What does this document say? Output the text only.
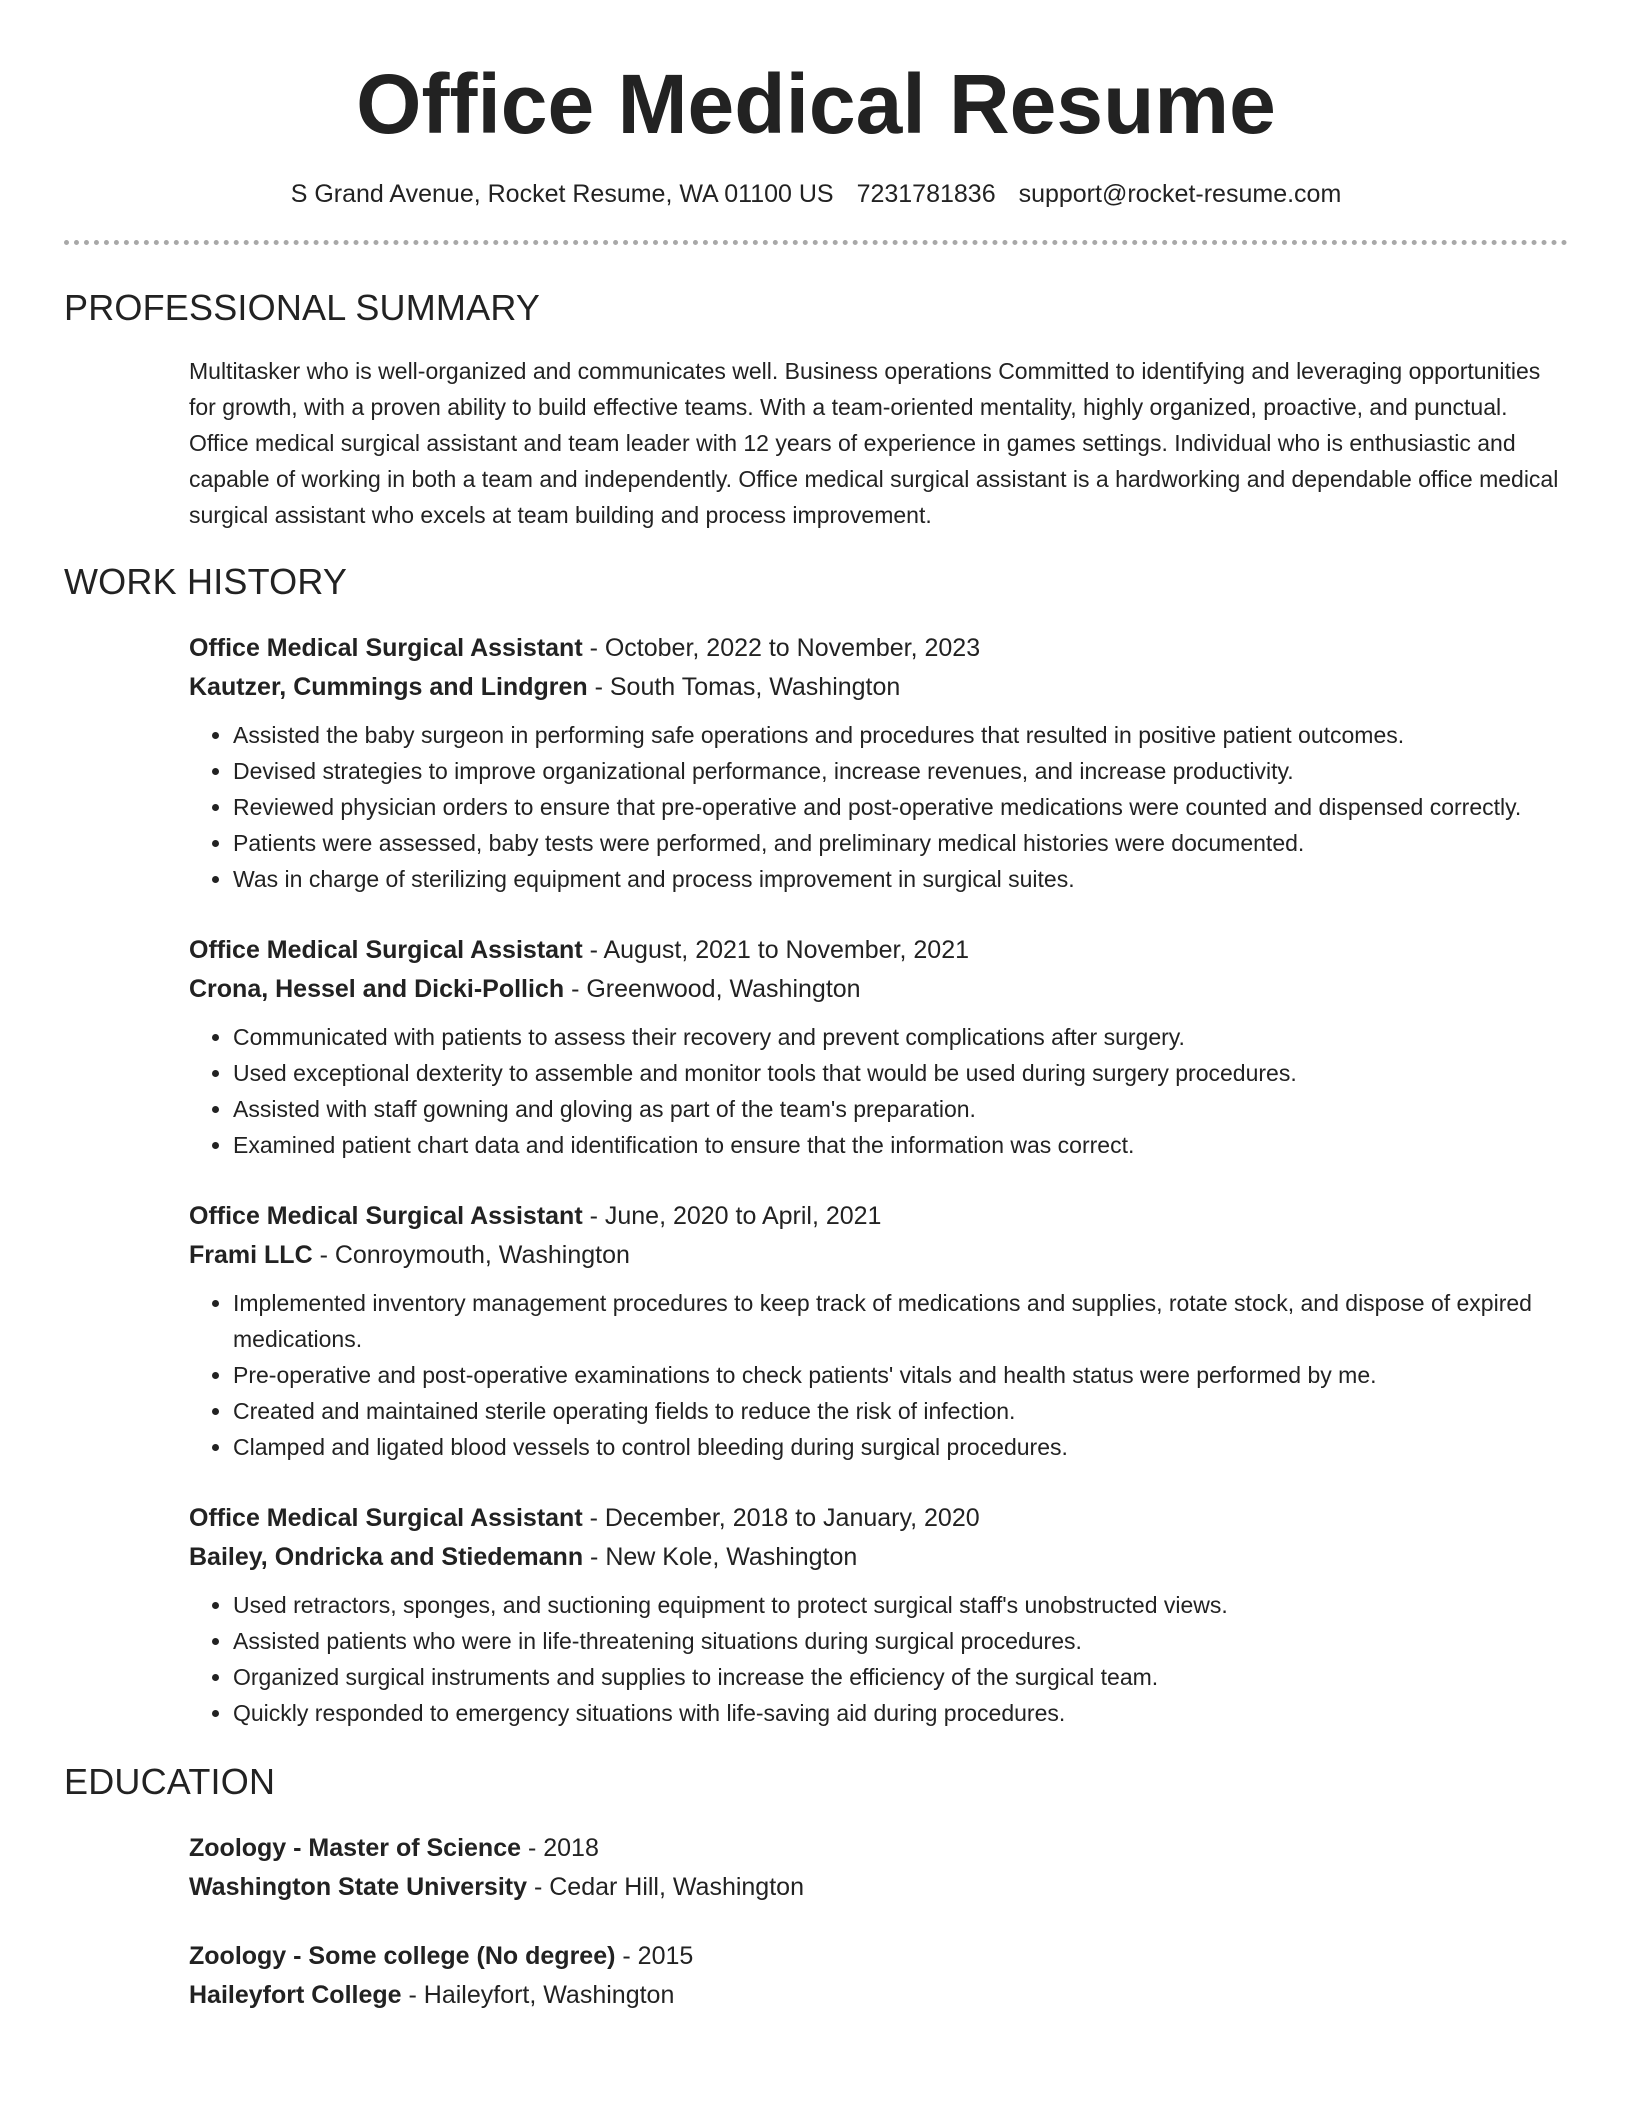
Office Medical Resume
S Grand Avenue, Rocket Resume, WA 01100 US 7231781836 support@rocket-resume.com
PROFESSIONAL SUMMARY
Multitasker who is well-organized and communicates well. Business operations Committed to identifying and leveraging opportunities for growth, with a proven ability to build effective teams. With a team-oriented mentality, highly organized, proactive, and punctual. Office medical surgical assistant and team leader with 12 years of experience in games settings. Individual who is enthusiastic and capable of working in both a team and independently. Office medical surgical assistant is a hardworking and dependable office medical surgical assistant who excels at team building and process improvement.
WORK HISTORY
Office Medical Surgical Assistant - October, 2022 to November, 2023
Kautzer, Cummings and Lindgren - South Tomas, Washington
• Assisted the baby surgeon in performing safe operations and procedures that resulted in positive patient outcomes.
• Devised strategies to improve organizational performance, increase revenues, and increase productivity.
• Reviewed physician orders to ensure that pre-operative and post-operative medications were counted and dispensed correctly.
• Patients were assessed, baby tests were performed, and preliminary medical histories were documented.
• Was in charge of sterilizing equipment and process improvement in surgical suites.
Office Medical Surgical Assistant - August, 2021 to November, 2021
Crona, Hessel and Dicki-Pollich - Greenwood, Washington
• Communicated with patients to assess their recovery and prevent complications after surgery.
• Used exceptional dexterity to assemble and monitor tools that would be used during surgery procedures.
• Assisted with staff gowning and gloving as part of the team's preparation.
• Examined patient chart data and identification to ensure that the information was correct.
Office Medical Surgical Assistant - June, 2020 to April, 2021
Frami LLC - Conroymouth, Washington
• Implemented inventory management procedures to keep track of medications and supplies, rotate stock, and dispose of expired medications.
• Pre-operative and post-operative examinations to check patients' vitals and health status were performed by me.
• Created and maintained sterile operating fields to reduce the risk of infection.
• Clamped and ligated blood vessels to control bleeding during surgical procedures.
Office Medical Surgical Assistant - December, 2018 to January, 2020
Bailey, Ondricka and Stiedemann - New Kole, Washington
• Used retractors, sponges, and suctioning equipment to protect surgical staff's unobstructed views.
• Assisted patients who were in life-threatening situations during surgical procedures.
• Organized surgical instruments and supplies to increase the efficiency of the surgical team.
• Quickly responded to emergency situations with life-saving aid during procedures.
EDUCATION
Zoology - Master of Science - 2018
Washington State University - Cedar Hill, Washington
Zoology - Some college (No degree) - 2015
Haileyfort College - Haileyfort, Washington
